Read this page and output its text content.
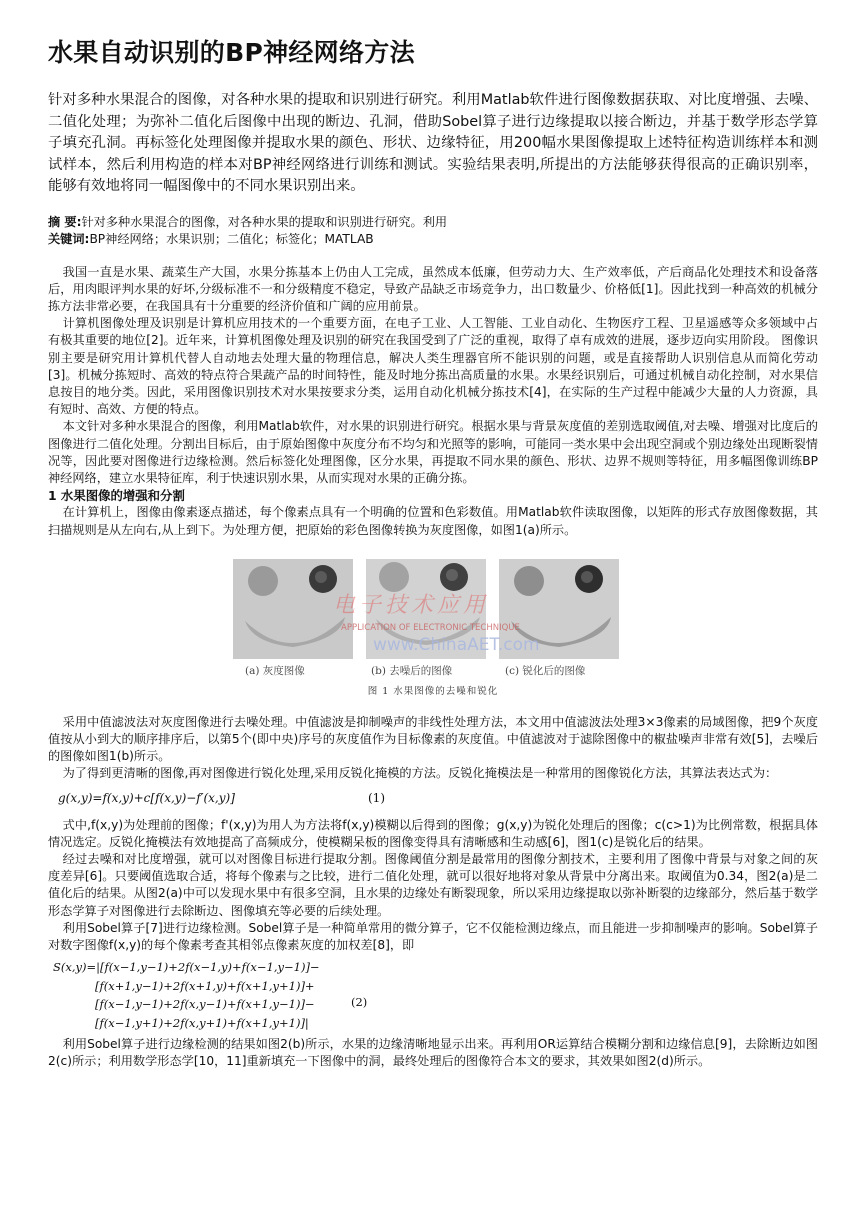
水果自动识别的BP神经网络方法

针对多种水果混合的图像，对各种水果的提取和识别进行研究。利用Matlab软件进行图像数据获取、对比度增强、去噪、二值化处理；为弥补二值化后图像中出现的断边、孔洞，借助Sobel算子进行边缘提取以接合断边，并基于数学形态学算子填充孔洞。再标签化处理图像并提取水果的颜色、形状、边缘特征，用200幅水果图像提取上述特征构造训练样本和测试样本，然后利用构造的样本对BP神经网络进行训练和测试。实验结果表明,所提出的方法能够获得很高的正确识别率，能够有效地将同一幅图像中的不同水果识别出来。

摘 要:针对多种水果混合的图像，对各种水果的提取和识别进行研究。利用

关键词:BP神经网络；水果识别；二值化；标签化；MATLAB

我国一直是水果、蔬菜生产大国，水果分拣基本上仍由人工完成，虽然成本低廉，但劳动力大、生产效率低，产后商品化处理技术和设备落后，用肉眼评判水果的好坏,分级标准不一和分级精度不稳定，导致产品缺乏市场竞争力，出口数量少、价格低[1]。因此找到一种高效的机械分拣方法非常必要，在我国具有十分重要的经济价值和广阔的应用前景。

计算机图像处理及识别是计算机应用技术的一个重要方面，在电子工业、人工智能、工业自动化、生物医疗工程、卫星遥感等众多领域中占有极其重要的地位[2]。近年来，计算机图像处理及识别的研究在我国受到了广泛的重视，取得了卓有成效的进展，逐步迈向实用阶段。 图像识别主要是研究用计算机代替人自动地去处理大量的物理信息，解决人类生理器官所不能识别的问题，或是直接帮助人识别信息从而简化劳动[3]。机械分拣短时、高效的特点符合果蔬产品的时间特性，能及时地分拣出高质量的水果。水果经识别后，可通过机械自动化控制，对水果信息按目的地分类。因此，采用图像识别技术对水果按要求分类，运用自动化机械分拣技术[4]，在实际的生产过程中能减少大量的人力资源，具有短时、高效、方便的特点。

本文针对多种水果混合的图像，利用Matlab软件，对水果的识别进行研究。根据水果与背景灰度值的差别选取阈值,对去噪、增强对比度后的图像进行二值化处理。分割出目标后，由于原始图像中灰度分布不均匀和光照等的影响，可能同一类水果中会出现空洞或个别边缘处出现断裂情况等，因此要对图像进行边缘检测。然后标签化处理图像，区分水果，再提取不同水果的颜色、形状、边界不规则等特征，用多幅图像训练BP神经网络，建立水果特征库，利于快速识别水果，从而实现对水果的正确分拣。

1 水果图像的增强和分割

在计算机上，图像由像素逐点描述，每个像素点具有一个明确的位置和色彩数值。用Matlab软件读取图像，以矩阵的形式存放图像数据，其扫描规则是从左向右,从上到下。为处理方便，把原始的彩色图像转换为灰度图像，如图1(a)所示。

电子技术应用
APPLICATION OF ELECTRONIC TECHNIQUE
www.ChinaAET.com
(a) 灰度图像	(b) 去噪后的图像	(c) 锐化后的图像
图 1 水果图像的去噪和锐化

采用中值滤波法对灰度图像进行去噪处理。中值滤波是抑制噪声的非线性处理方法，本文用中值滤波法处理3×3像素的局域图像，把9个灰度值按从小到大的顺序排序后，以第5个(即中央)序号的灰度值作为目标像素的灰度值。中值滤波对于滤除图像中的椒盐噪声非常有效[5]，去噪后的图像如图1(b)所示。

为了得到更清晰的图像,再对图像进行锐化处理,采用反锐化掩模的方法。反锐化掩模法是一种常用的图像锐化方法，其算法表达式为：

g(x,y)=f(x,y)+c[f(x,y)−f′(x,y)]	(1)

式中,f(x,y)为处理前的图像；f'(x,y)为用人为方法将f(x,y)模糊以后得到的图像；g(x,y)为锐化处理后的图像；c(c>1)为比例常数，根据具体情况选定。反锐化掩模法有效地提高了高频成分，使模糊呆板的图像变得具有清晰感和生动感[6]，图1(c)是锐化后的结果。

经过去噪和对比度增强，就可以对图像目标进行提取分割。图像阈值分割是最常用的图像分割技术，主要利用了图像中背景与对象之间的灰度差异[6]。只要阈值选取合适，将每个像素与之比较，进行二值化处理，就可以很好地将对象从背景中分离出来。取阈值为0.34，图2(a)是二值化后的结果。从图2(a)中可以发现水果中有很多空洞，且水果的边缘处有断裂现象，所以采用边缘提取以弥补断裂的边缘部分，然后基于数学形态学算子对图像进行去除断边、图像填充等必要的后续处理。

利用Sobel算子[7]进行边缘检测。Sobel算子是一种简单常用的微分算子，它不仅能检测边缘点，而且能进一步抑制噪声的影响。Sobel算子对数字图像f(x,y)的每个像素考查其相邻点像素灰度的加权差[8]，即

S(x,y)=|[f(x−1,y−1)+2f(x−1,y)+f(x−1,y−1)]−
[f(x+1,y−1)+2f(x+1,y)+f(x+1,y+1)]+
[f(x−1,y−1)+2f(x,y−1)+f(x+1,y−1)]−
[f(x−1,y+1)+2f(x,y+1)+f(x+1,y+1)]|
(2)

利用Sobel算子进行边缘检测的结果如图2(b)所示，水果的边缘清晰地显示出来。再利用OR运算结合模糊分割和边缘信息[9]，去除断边如图2(c)所示；利用数学形态学[10，11]重新填充一下图像中的洞，最终处理后的图像符合本文的要求，其效果如图2(d)所示。
